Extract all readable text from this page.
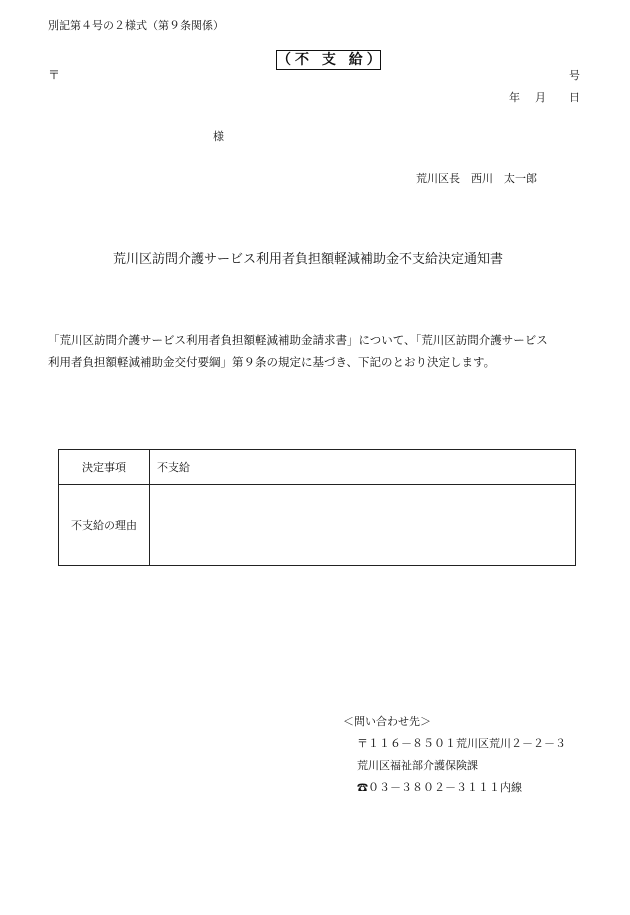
別記第４号の２様式（第９条関係）
（不 支 給）
〒	号
年 月 日
様
荒川区長　西川　太一郎
荒川区訪問介護サービス利用者負担額軽減補助金不支給決定通知書
「荒川区訪問介護サービス利用者負担額軽減補助金請求書」について、「荒川区訪問介護サービス
利用者負担額軽減補助金交付要綱」第９条の規定に基づき、下記のとおり決定します。
決定事項	不支給
不支給の理由	
＜問い合わせ先＞
〒１１６－８５０１荒川区荒川２－２－３
荒川区福祉部介護保険課
☎０３－３８０２－３１１１内線
